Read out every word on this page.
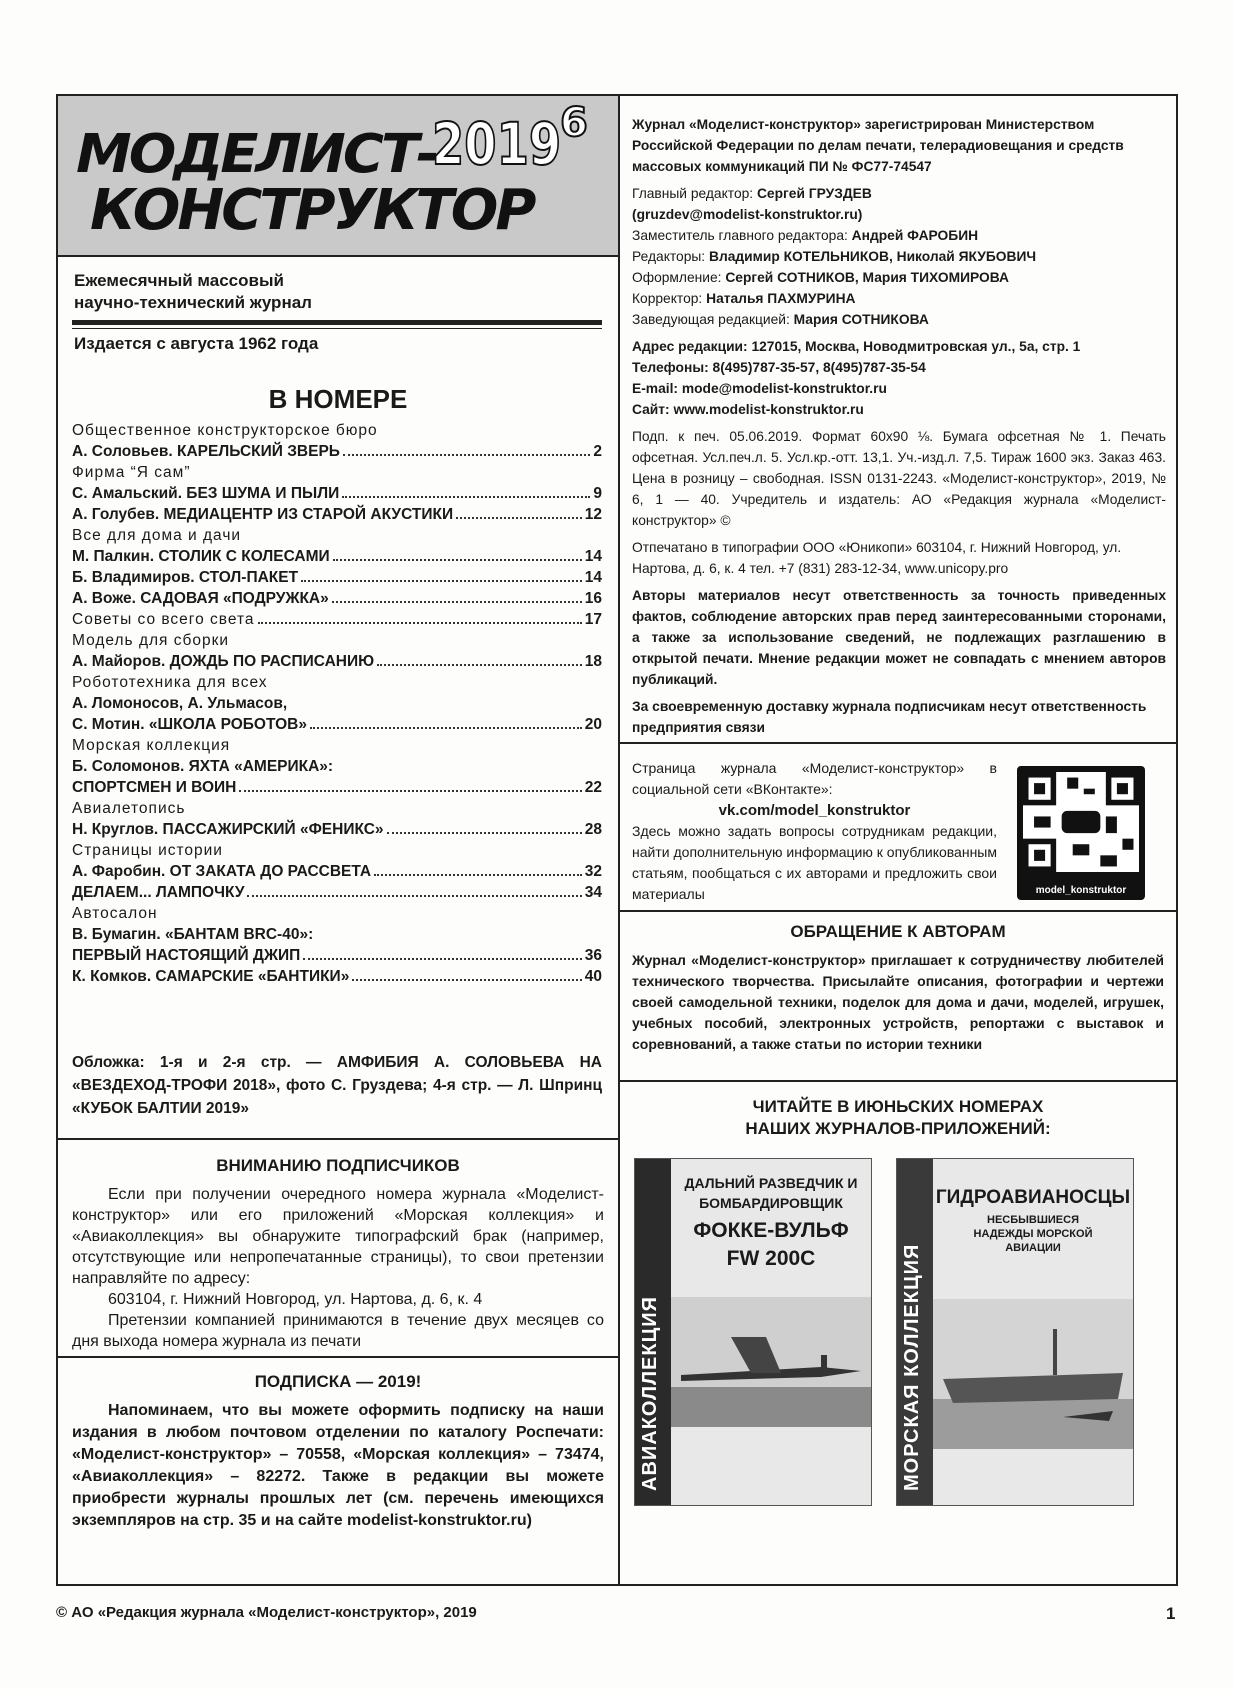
МОДЕЛИСТ-
КОНСТРУКТОР
2019
6
Ежемесячный массовый
научно-технический журнал
Издается с августа 1962 года
В НОМЕРЕ
Общественное конструкторское бюро
А. Соловьев. КАРЕЛЬСКИЙ ЗВЕРЬ	2
Фирма “Я сам”
С. Амальский. БЕЗ ШУМА И ПЫЛИ	9
А. Голубев. МЕДИАЦЕНТР ИЗ СТАРОЙ АКУСТИКИ	12
Все для дома и дачи
М. Палкин. СТОЛИК С КОЛЕСАМИ	14
Б. Владимиров. СТОЛ-ПАКЕТ	14
А. Воже. САДОВАЯ «ПОДРУЖКА»	16
Советы со всего света	17
Модель для сборки
А. Майоров. ДОЖДЬ ПО РАСПИСАНИЮ	18
Робототехника для всех
А. Ломоносов, А. Ульмасов,
С. Мотин. «ШКОЛА РОБОТОВ»	20
Морская коллекция
Б. Соломонов. ЯХТА «АМЕРИКА»:
СПОРТСМЕН И ВОИН	22
Авиалетопись
Н. Круглов. ПАССАЖИРСКИЙ «ФЕНИКС»	28
Страницы истории
А. Фаробин. ОТ ЗАКАТА ДО РАССВЕТА	32
ДЕЛАЕМ... ЛАМПОЧКУ	34
Автосалон
В. Бумагин. «БАНТАМ BRC-40»:
ПЕРВЫЙ НАСТОЯЩИЙ ДЖИП	36
К. Комков. САМАРСКИЕ «БАНТИКИ»	40
Обложка: 1-я и 2-я стр. — АМФИБИЯ А. СОЛОВЬЕВА НА «ВЕЗДЕХОД-ТРОФИ 2018», фото С. Груздева; 4-я стр. — Л. Шпринц «КУБОК БАЛТИИ 2019»
ВНИМАНИЮ ПОДПИСЧИКОВ

Если при получении очередного номера журнала «Моделист-конструктор» или его приложений «Морская коллекция» и «Авиаколлекция» вы обнаружите типографский брак (например, отсутствующие или непропечатанные страницы), то свои претензии направляйте по адресу:

603104, г. Нижний Новгород, ул. Нартова, д. 6, к. 4

Претензии компанией принимаются в течение двух месяцев со дня выхода номера журнала из печати

ПОДПИСКА — 2019!
Напоминаем, что вы можете оформить подписку на наши издания в любом почтовом отделении по каталогу Роспечати: «Моделист-конструктор» – 70558, «Морская коллекция» – 73474, «Авиаколлекция» – 82272. Также в редакции вы можете приобрести журналы прошлых лет (см. перечень имеющихся экземпляров на стр. 35 и на сайте modelist-konstruktor.ru)

Журнал «Моделист-конструктор» зарегистрирован Министерством Российской Федерации по делам печати, телерадиовещания и средств массовых коммуникаций ПИ № ФС77-74547

Главный редактор: Сергей ГРУЗДЕВ

(gruzdev@modelist-konstruktor.ru)

Заместитель главного редактора: Андрей ФАРОБИН

Редакторы: Владимир КОТЕЛЬНИКОВ, Николай ЯКУБОВИЧ

Оформление: Сергей СОТНИКОВ, Мария ТИХОМИРОВА

Корректор: Наталья ПАХМУРИНА

Заведующая редакцией: Мария СОТНИКОВА

Адрес редакции: 127015, Москва, Новодмитровская ул., 5а, стр. 1

Телефоны: 8(495)787-35-57, 8(495)787-35-54

E-mail: mode@modelist-konstruktor.ru

Сайт: www.modelist-konstruktor.ru

Подп. к печ. 05.06.2019. Формат 60х90 ⅛. Бумага офсетная № 1. Печать офсетная. Усл.печ.л. 5. Усл.кр.-отт. 13,1. Уч.-изд.л. 7,5. Тираж 1600 экз. Заказ 463. Цена в розницу – свободная. ISSN 0131-2243. «Моделист-конструктор», 2019, № 6, 1 — 40. Учредитель и издатель: АО «Редакция журнала «Моделист-конструктор» ©

Отпечатано в типографии ООО «Юникопи» 603104, г. Нижний Новгород, ул. Нартова, д. 6, к. 4 тел. +7 (831) 283-12-34, www.unicopy.pro

Авторы материалов несут ответственность за точность приведенных фактов, соблюдение авторских прав перед заинтересованными сторонами, а также за использование сведений, не подлежащих разглашению в открытой печати. Мнение редакции может не совпадать с мнением авторов публикаций.

За своевременную доставку журнала подписчикам несут ответственность предприятия связи

Страница журнала «Моделист-конструктор» в социальной сети «ВКонтакте»:
vk.com/model_konstruktor
Здесь можно задать вопросы сотрудникам редакции, найти дополнительную информацию к опубликованным статьям, пообщаться с их авторами и предложить свои материалы	model_konstruktor
ОБРАЩЕНИЕ К АВТОРАМ
Журнал «Моделист-конструктор» приглашает к сотрудничеству любителей технического творчества. Присылайте описания, фотографии и чертежи своей самодельной техники, поделок для дома и дачи, моделей, игрушек, учебных пособий, электронных устройств, репортажи с выставок и соревнований, а также статьи по истории техники
ЧИТАЙТЕ В ИЮНЬСКИХ НОМЕРАХ НАШИХ ЖУРНАЛОВ-ПРИЛОЖЕНИЙ:
АВИАКОЛЛЕКЦИЯ
ДАЛЬНИЙ РАЗВЕДЧИК И БОМБАРДИРОВЩИК
ФОККЕ-ВУЛЬФ
FW 200C	МОРСКАЯ КОЛЛЕКЦИЯ
ГИДРОАВИАНОСЦЫ
НЕСБЫВШИЕСЯ НАДЕЖДЫ МОРСКОЙ АВИАЦИИ
© АО «Редакция журнала «Моделист-конструктор», 2019	1
